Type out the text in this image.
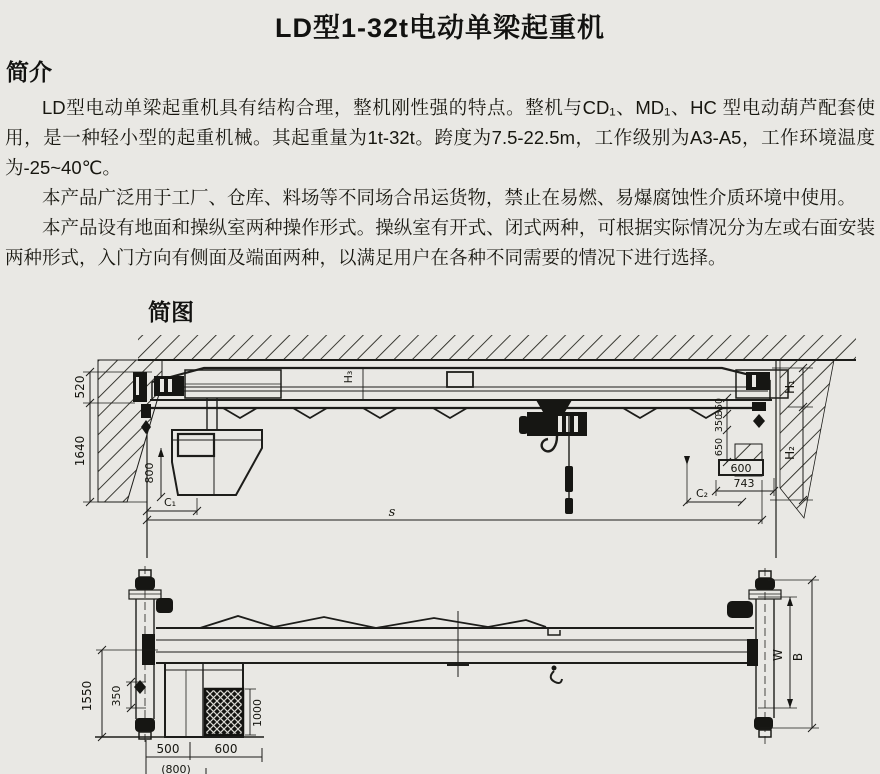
LD型1-32t电动单梁起重机
简介

LD型电动单梁起重机具有结构合理，整机刚性强的特点。整机与CD₁、MD₁、HC 型电动葫芦配套使用，是一种轻小型的起重机械。其起重量为1t-32t。跨度为7.5-22.5m，工作级别为A3-A5，工作环境温度为-25~40℃。

本产品广泛用于工厂、仓库、料场等不同场合吊运货物，禁止在易燃、易爆腐蚀性介质环境中使用。

本产品设有地面和操纵室两种操作形式。操纵室有开式、闭式两种，可根据实际情况分为左或右面安装两种形式，入门方向有侧面及端面两种，以满足用户在各种不同需要的情况下进行选择。

简图
H₃
600
743
C₂
350
350
650
H₁
H₂
520
1640
800
C₁
s
1000
W B
1550 350
500	600
(800)
